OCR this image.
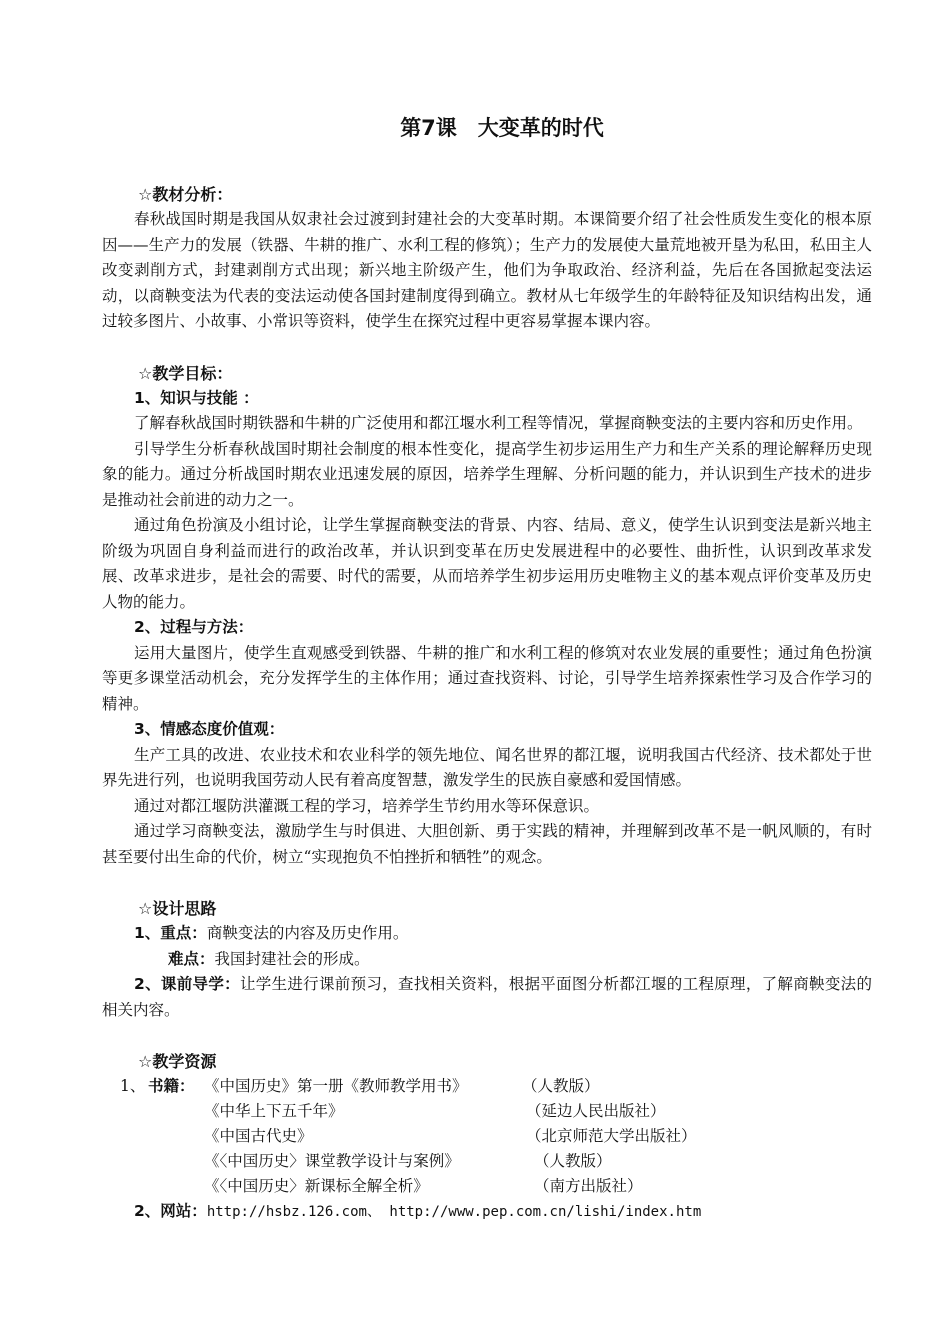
第7课　大变革的时代
☆教材分析：

春秋战国时期是我国从奴隶社会过渡到封建社会的大变革时期。本课简要介绍了社会性质发生变化的根本原因——生产力的发展（铁器、牛耕的推广、水利工程的修筑）；生产力的发展使大量荒地被开垦为私田，私田主人改变剥削方式，封建剥削方式出现；新兴地主阶级产生，他们为争取政治、经济利益，先后在各国掀起变法运动，以商鞅变法为代表的变法运动使各国封建制度得到确立。教材从七年级学生的年龄特征及知识结构出发，通过较多图片、小故事、小常识等资料，使学生在探究过程中更容易掌握本课内容。

☆教学目标：
1、知识与技能 ：

了解春秋战国时期铁器和牛耕的广泛使用和都江堰水利工程等情况，掌握商鞅变法的主要内容和历史作用。

引导学生分析春秋战国时期社会制度的根本性变化，提高学生初步运用生产力和生产关系的理论解释历史现象的能力。通过分析战国时期农业迅速发展的原因，培养学生理解、分析问题的能力，并认识到生产技术的进步是推动社会前进的动力之一。

通过角色扮演及小组讨论，让学生掌握商鞅变法的背景、内容、结局、意义，使学生认识到变法是新兴地主阶级为巩固自身利益而进行的政治改革，并认识到变革在历史发展进程中的必要性、曲折性，认识到改革求发展、改革求进步，是社会的需要、时代的需要，从而培养学生初步运用历史唯物主义的基本观点评价变革及历史人物的能力。

2、过程与方法：

运用大量图片，使学生直观感受到铁器、牛耕的推广和水利工程的修筑对农业发展的重要性；通过角色扮演等更多课堂活动机会，充分发挥学生的主体作用；通过查找资料、讨论，引导学生培养探索性学习及合作学习的精神。

3、情感态度价值观：

生产工具的改进、农业技术和农业科学的领先地位、闻名世界的都江堰，说明我国古代经济、技术都处于世界先进行列，也说明我国劳动人民有着高度智慧，激发学生的民族自豪感和爱国情感。

通过对都江堰防洪灌溉工程的学习，培养学生节约用水等环保意识。

通过学习商鞅变法，激励学生与时俱进、大胆创新、勇于实践的精神，并理解到改革不是一帆风顺的，有时甚至要付出生命的代价，树立“实现抱负不怕挫折和牺牲”的观念。

☆设计思路

1、重点：商鞅变法的内容及历史作用。

难点：我国封建社会的形成。

2、课前导学：让学生进行课前预习，查找相关资料，根据平面图分析都江堰的工程原理，了解商鞅变法的相关内容。

☆教学资源
1、 书籍： 《中国历史》第一册《教师教学用书》	（人教版）
《中华上下五千年》	（延边人民出版社）
《中国古代史》	（北京师范大学出版社）
《〈中国历史〉课堂教学设计与案例》	（人教版）
《〈中国历史〉新课标全解全析》	（南方出版社）

2、网站：http://hsbz.126.com、 http://www.pep.com.cn/lishi/index.htm
